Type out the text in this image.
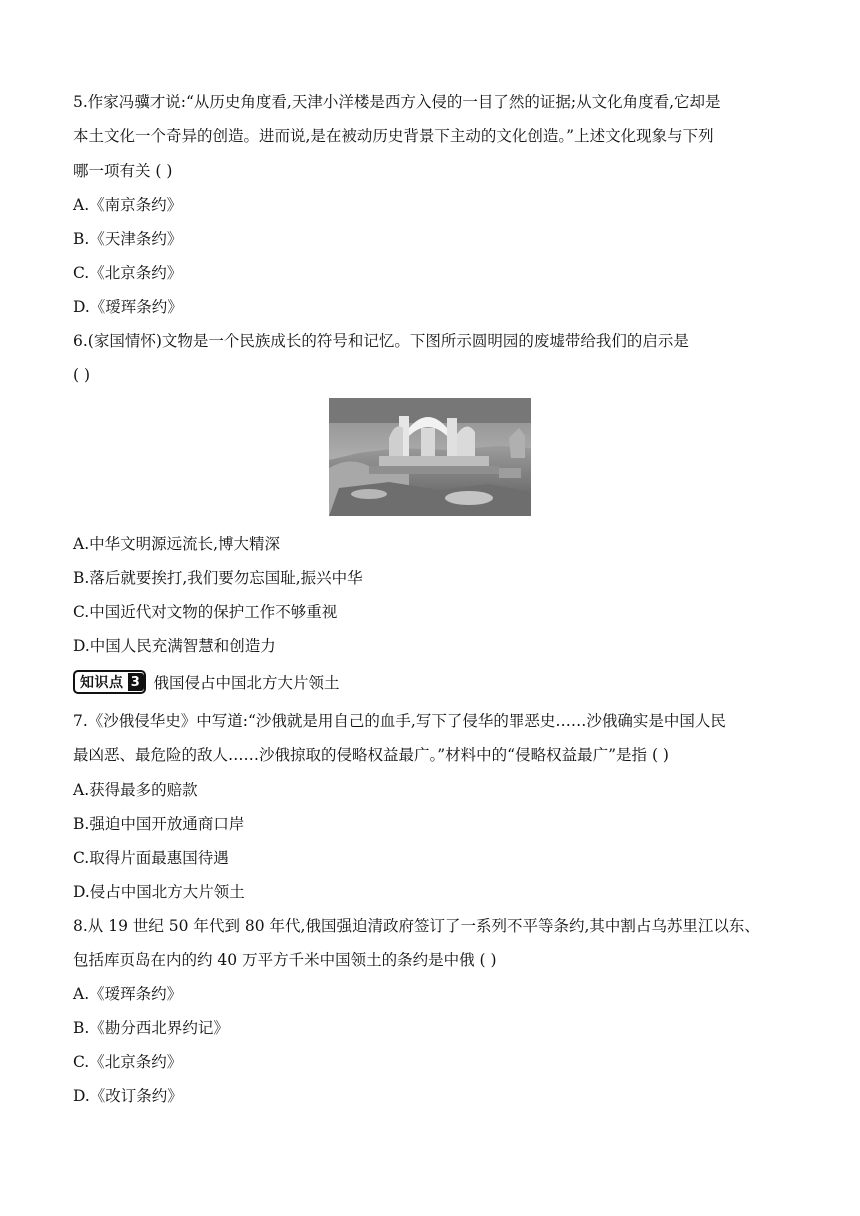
5.作家冯骥才说:“从历史角度看,天津小洋楼是西方入侵的一目了然的证据;从文化角度看,它却是
本土文化一个奇异的创造。进而说,是在被动历史背景下主动的文化创造。”上述文化现象与下列
哪一项有关 ( )
A.《南京条约》
B.《天津条约》
C.《北京条约》
D.《瑷珲条约》
6.(家国情怀)文物是一个民族成长的符号和记忆。下图所示圆明园的废墟带给我们的启示是
( )
A.中华文明源远流长,博大精深
B.落后就要挨打,我们要勿忘国耻,振兴中华
C.中国近代对文物的保护工作不够重视
D.中国人民充满智慧和创造力
知识点 3 俄国侵占中国北方大片领土
7.《沙俄侵华史》中写道:“沙俄就是用自己的血手,写下了侵华的罪恶史……沙俄确实是中国人民
最凶恶、最危险的敌人……沙俄掠取的侵略权益最广。”材料中的“侵略权益最广”是指 ( )
A.获得最多的赔款
B.强迫中国开放通商口岸
C.取得片面最惠国待遇
D.侵占中国北方大片领土
8.从 19 世纪 50 年代到 80 年代,俄国强迫清政府签订了一系列不平等条约,其中割占乌苏里江以东、
包括库页岛在内的约 40 万平方千米中国领土的条约是中俄 ( )
A.《瑷珲条约》
B.《勘分西北界约记》
C.《北京条约》
D.《改订条约》
